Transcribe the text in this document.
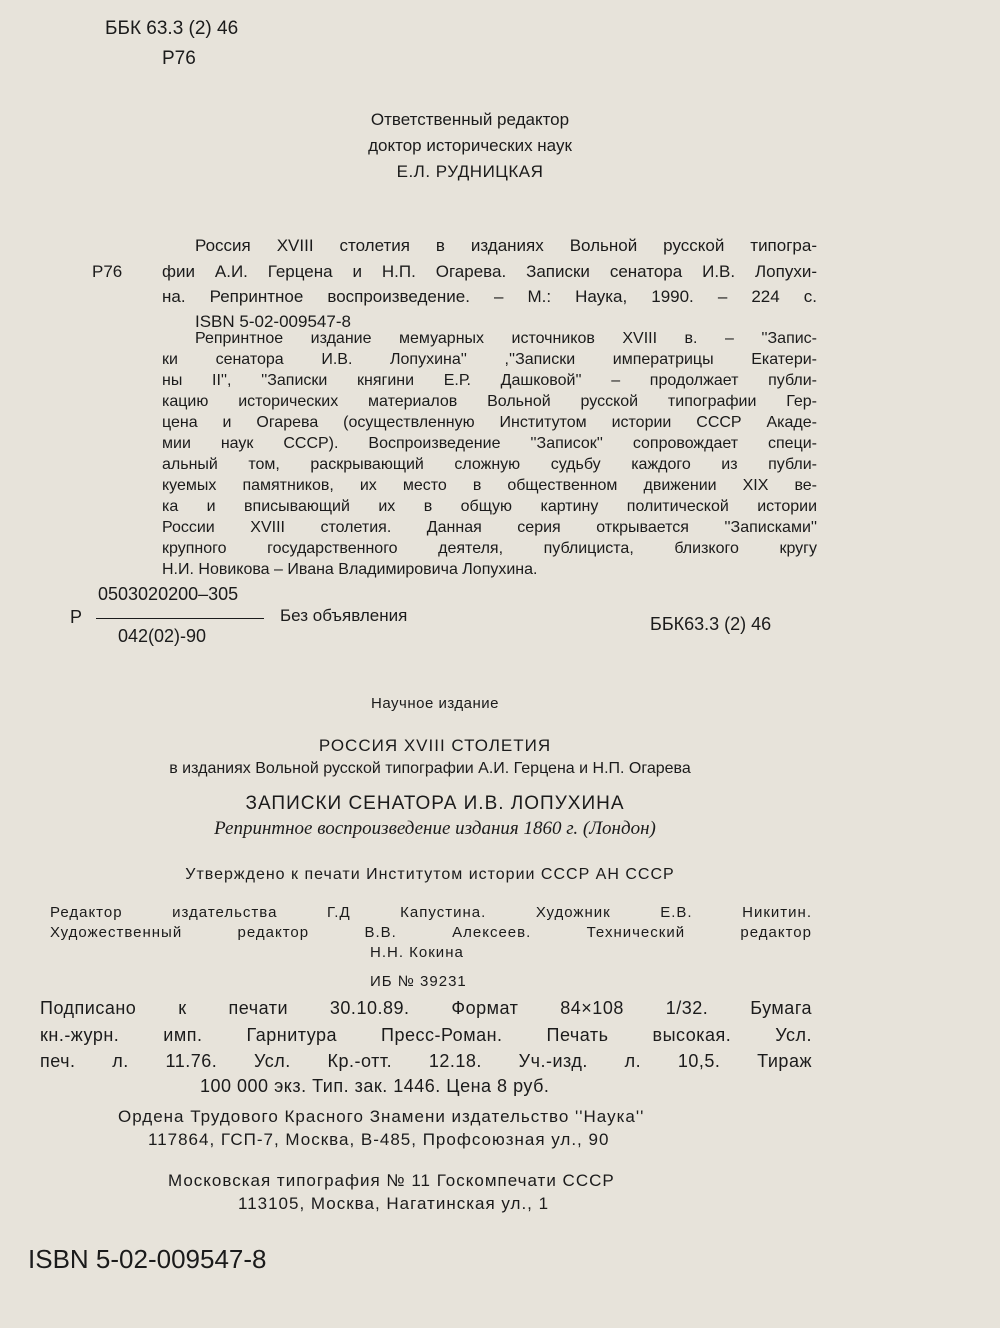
ББК 63.3 (2) 46
Р76
Ответственный редактор
доктор исторических наук
Е.Л. РУДНИЦКАЯ
Р76
Россия XVIII столетия в изданиях Вольной русской типогра-
фии А.И. Герцена и Н.П. Огарева. Записки сенатора И.В. Лопухи-
на. Репринтное воспроизведение. – М.: Наука, 1990. – 224 с.
ISBN 5-02-009547-8
Репринтное издание мемуарных источников XVIII в. – ''Запис-
ки сенатора И.В. Лопухина'' ,''Записки императрицы Екатери-
ны II'', ''Записки княгини Е.Р. Дашковой'' – продолжает публи-
кацию исторических материалов Вольной русской типографии Гер-
цена и Огарева (осуществленную Институтом истории СССР Акаде-
мии наук СССР). Воспроизведение ''Записок'' сопровождает специ-
альный том, раскрывающий сложную судьбу каждого из публи-
куемых памятников, их место в общественном движении XIX ве-
ка и вписывающий их в общую картину политической истории
России XVIII столетия. Данная серия открывается ''Записками''
крупного государственного деятеля, публициста, близкого кругу
Н.И. Новикова – Ивана Владимировича Лопухина.
Р
0503020200–305
042(02)-90
Без объявления	ББК63.3 (2) 46
Научное издание
РОССИЯ XVIII СТОЛЕТИЯ
в изданиях Вольной русской типографии А.И. Герцена и Н.П. Огарева
ЗАПИСКИ СЕНАТОРА И.В. ЛОПУХИНА
Репринтное воспроизведение издания 1860 г. (Лондон)
Утверждено к печати Институтом истории СССР АН СССР
Редактор издательства Г.Д Капустина. Художник Е.В. Никитин.
Художественный редактор В.В. Алексеев. Технический редактор
Н.Н. Кокина
ИБ № 39231
Подписано к печати 30.10.89. Формат 84×108 1/32. Бумага
кн.-журн. имп. Гарнитура Пресс-Роман. Печать высокая. Усл.
печ. л. 11.76. Усл. Кр.-отт. 12.18. Уч.-изд. л. 10,5. Тираж
100 000 экз. Тип. зак. 1446. Цена 8 руб.
Ордена Трудового Красного Знамени издательство ''Наука''
117864, ГСП-7, Москва, В-485, Профсоюзная ул., 90
Московская типография № 11 Госкомпечати СССР
113105, Москва, Нагатинская ул., 1
ISBN 5-02-009547-8
